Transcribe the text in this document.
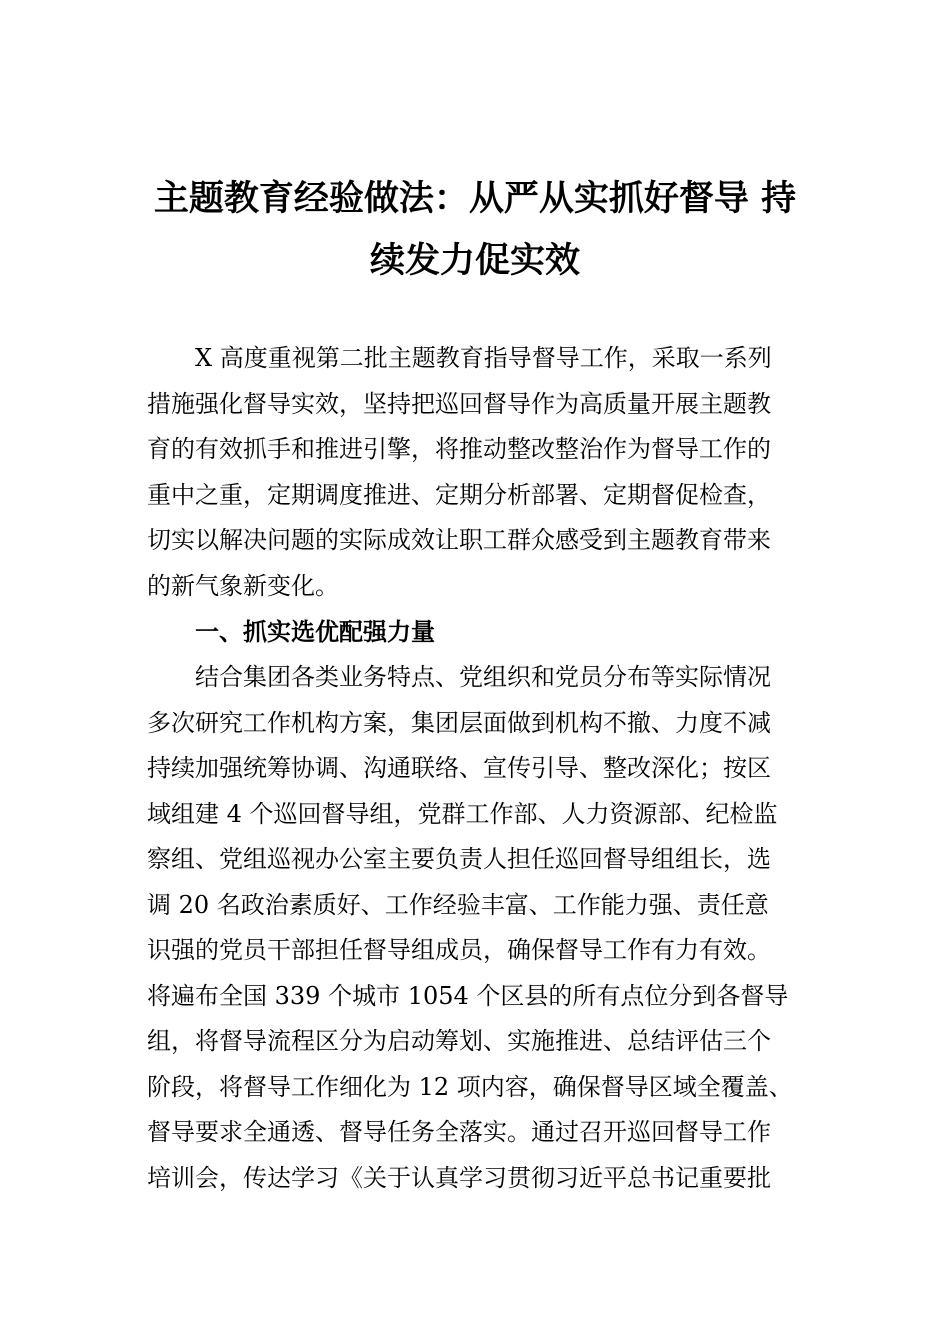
主题教育经验做法：从严从实抓好督导 持
续发力促实效
X 高度重视第二批主题教育指导督导工作，采取一系列
措施强化督导实效，坚持把巡回督导作为高质量开展主题教
育的有效抓手和推进引擎，将推动整改整治作为督导工作的
重中之重，定期调度推进、定期分析部署、定期督促检查，
切实以解决问题的实际成效让职工群众感受到主题教育带来
的新气象新变化。
一、抓实选优配强力量
结合集团各类业务特点、党组织和党员分布等实际情况
多次研究工作机构方案，集团层面做到机构不撤、力度不减
持续加强统筹协调、沟通联络、宣传引导、整改深化；按区
域组建 4 个巡回督导组，党群工作部、人力资源部、纪检监
察组、党组巡视办公室主要负责人担任巡回督导组组长，选
调 20 名政治素质好、工作经验丰富、工作能力强、责任意
识强的党员干部担任督导组成员，确保督导工作有力有效。
将遍布全国 339 个城市 1054 个区县的所有点位分到各督导
组，将督导流程区分为启动筹划、实施推进、总结评估三个
阶段，将督导工作细化为 12 项内容，确保督导区域全覆盖、
督导要求全通透、督导任务全落实。通过召开巡回督导工作
培训会，传达学习《关于认真学习贯彻习近平总书记重要批
